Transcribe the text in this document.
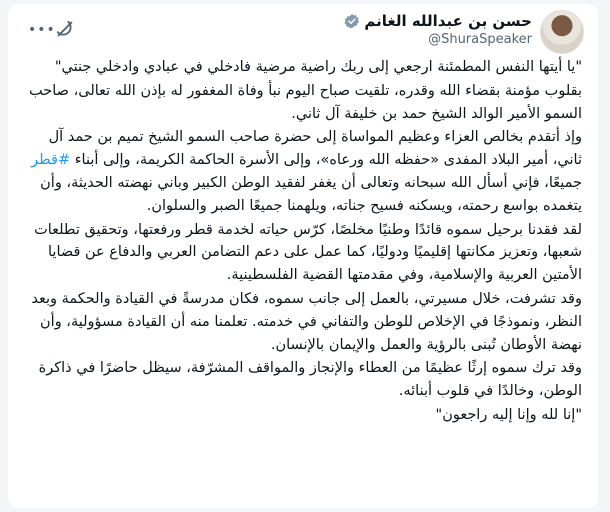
حسن بن عبدالله الغانم
@ShuraSpeaker
•••

"يا أيتها النفس المطمئنة ارجعي إلى ربك راضية مرضية فادخلي في عبادي وادخلي جنتي"

بقلوب مؤمنة بقضاء الله وقدره، تلقيت صباح اليوم نبأ وفاة المغفور له بإذن الله تعالى، صاحب السمو الأمير الوالد الشيخ حمد بن خليفة آل ثاني.

وإذ أتقدم بخالص العزاء وعظيم المواساة إلى حضرة صاحب السمو الشيخ تميم بن حمد آل ثاني، أمير البلاد المفدى «حفظه الله ورعاه»، وإلى الأسرة الحاكمة الكريمة، وإلى أبناء #قطر جميعًا، فإني أسأل الله سبحانه وتعالى أن يغفر لفقيد الوطن الكبير وباني نهضته الحديثة، وأن يتغمده بواسع رحمته، ويسكنه فسيح جناته، ويلهمنا جميعًا الصبر والسلوان.

لقد فقدنا برحيل سموه قائدًا وطنيًا مخلصًا، كرّس حياته لخدمة قطر ورفعتها، وتحقيق تطلعات شعبها، وتعزيز مكانتها إقليميًا ودوليًا، كما عمل على دعم التضامن العربي والدفاع عن قضايا الأمتين العربية والإسلامية، وفي مقدمتها القضية الفلسطينية.

وقد تشرفت، خلال مسيرتي، بالعمل إلى جانب سموه، فكان مدرسةً في القيادة والحكمة وبعد النظر، ونموذجًا في الإخلاص للوطن والتفاني في خدمته. تعلمنا منه أن القيادة مسؤولية، وأن نهضة الأوطان تُبنى بالرؤية والعمل والإيمان بالإنسان.

وقد ترك سموه إرثًا عظيمًا من العطاء والإنجاز والمواقف المشرّفة، سيظل حاضرًا في ذاكرة الوطن، وخالدًا في قلوب أبنائه.

"إنا لله وإنا إليه راجعون"
